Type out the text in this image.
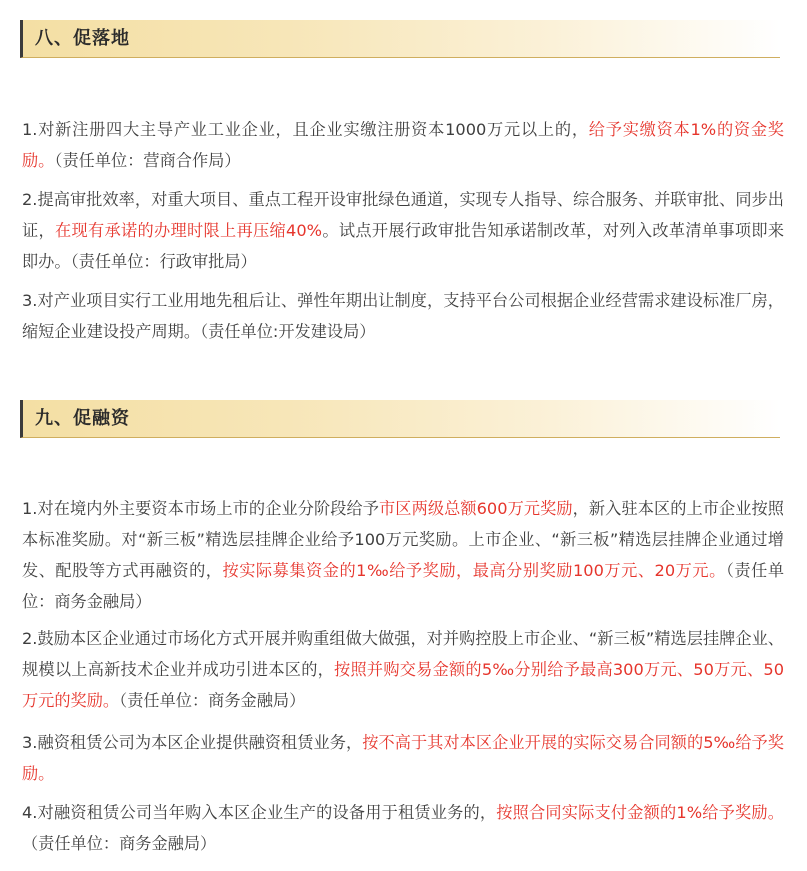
八、促落地

1.对新注册四大主导产业工业企业，且企业实缴注册资本1000万元以上的，给予实缴资本1%的资金奖励。（责任单位：营商合作局）

2.提高审批效率，对重大项目、重点工程开设审批绿色通道，实现专人指导、综合服务、并联审批、同步出证，在现有承诺的办理时限上再压缩40%。试点开展行政审批告知承诺制改革，对列入改革清单事项即来即办。（责任单位：行政审批局）

3.对产业项目实行工业用地先租后让、弹性年期出让制度，支持平台公司根据企业经营需求建设标准厂房，缩短企业建设投产周期。（责任单位:开发建设局）

九、促融资

1.对在境内外主要资本市场上市的企业分阶段给予市区两级总额600万元奖励，新入驻本区的上市企业按照本标准奖励。对“新三板”精选层挂牌企业给予100万元奖励。上市企业、“新三板”精选层挂牌企业通过增发、配股等方式再融资的，按实际募集资金的1‰给予奖励，最高分别奖励100万元、20万元。（责任单位：商务金融局）

2.鼓励本区企业通过市场化方式开展并购重组做大做强，对并购控股上市企业、“新三板”精选层挂牌企业、规模以上高新技术企业并成功引进本区的，按照并购交易金额的5‰分别给予最高300万元、50万元、50万元的奖励。（责任单位：商务金融局）

3.融资租赁公司为本区企业提供融资租赁业务，按不高于其对本区企业开展的实际交易合同额的5‰给予奖励。

4.对融资租赁公司当年购入本区企业生产的设备用于租赁业务的，按照合同实际支付金额的1%给予奖励。（责任单位：商务金融局）
